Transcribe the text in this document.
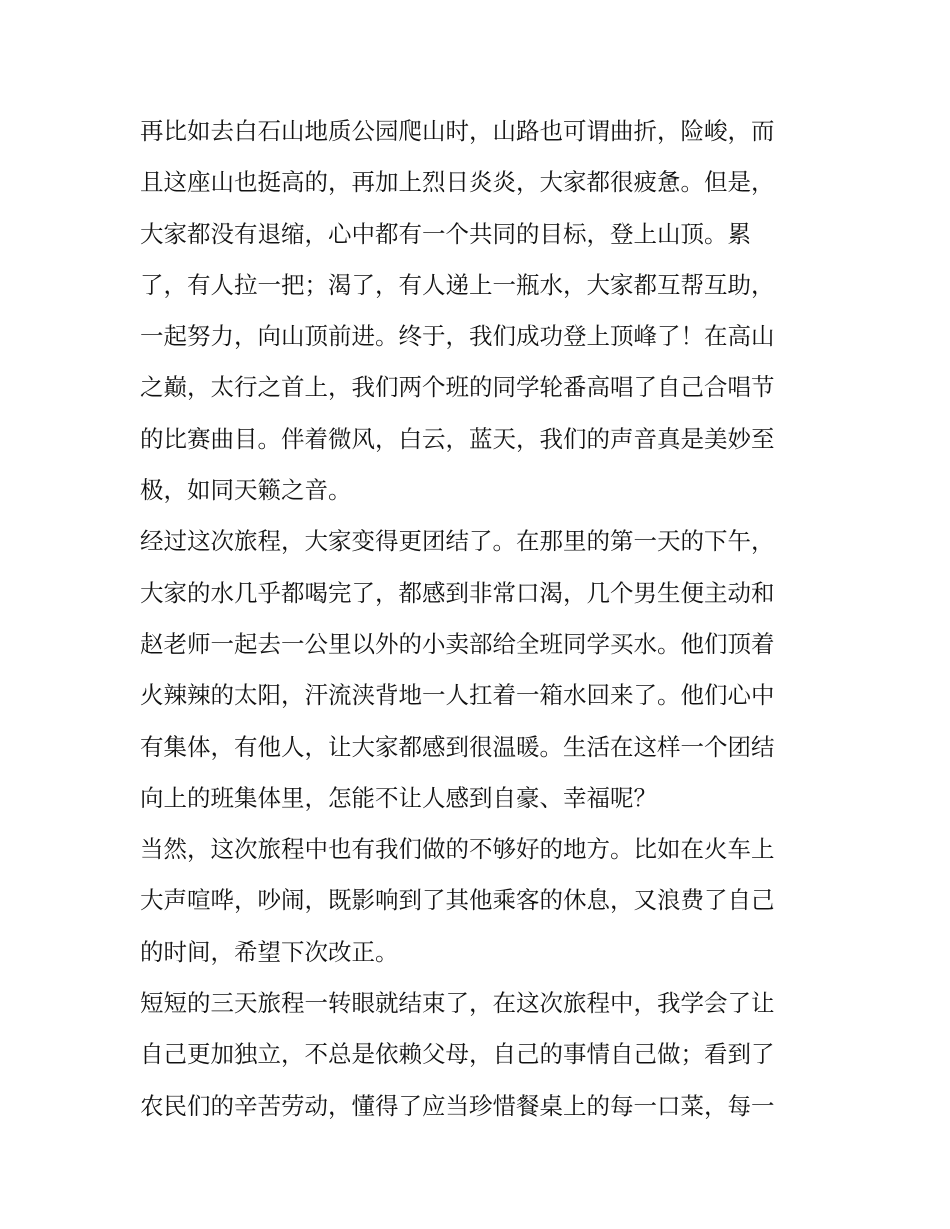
再比如去白石山地质公园爬山时，山路也可谓曲折，险峻，而
且这座山也挺高的，再加上烈日炎炎，大家都很疲惫。但是，
大家都没有退缩，心中都有一个共同的目标，登上山顶。累
了，有人拉一把；渴了，有人递上一瓶水，大家都互帮互助，
一起努力，向山顶前进。终于，我们成功登上顶峰了！在高山
之巅，太行之首上，我们两个班的同学轮番高唱了自己合唱节
的比赛曲目。伴着微风，白云，蓝天，我们的声音真是美妙至
极，如同天籁之音。
经过这次旅程，大家变得更团结了。在那里的第一天的下午，
大家的水几乎都喝完了，都感到非常口渴，几个男生便主动和
赵老师一起去一公里以外的小卖部给全班同学买水。他们顶着
火辣辣的太阳，汗流浃背地一人扛着一箱水回来了。他们心中
有集体，有他人，让大家都感到很温暖。生活在这样一个团结
向上的班集体里，怎能不让人感到自豪、幸福呢？
当然，这次旅程中也有我们做的不够好的地方。比如在火车上
大声喧哗，吵闹，既影响到了其他乘客的休息，又浪费了自己
的时间，希望下次改正。
短短的三天旅程一转眼就结束了，在这次旅程中，我学会了让
自己更加独立，不总是依赖父母，自己的事情自己做；看到了
农民们的辛苦劳动，懂得了应当珍惜餐桌上的每一口菜，每一
